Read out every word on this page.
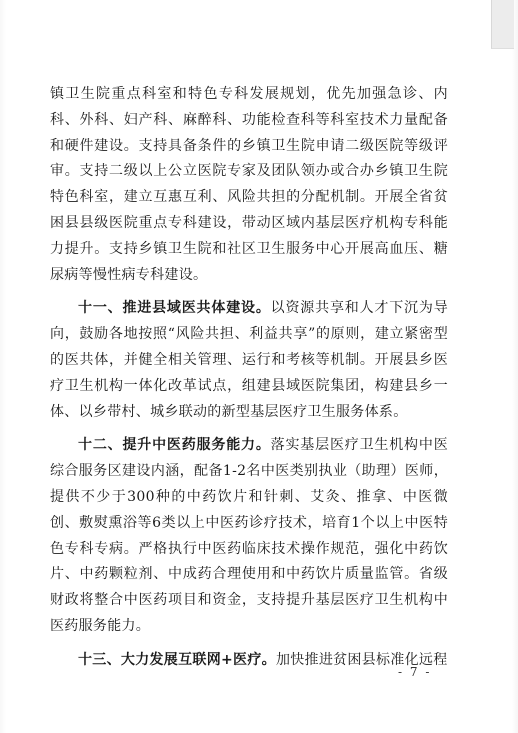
镇卫生院重点科室和特色专科发展规划，优先加强急诊、内科、外科、妇产科、麻醉科、功能检查科等科室技术力量配备和硬件建设。支持具备条件的乡镇卫生院申请二级医院等级评审。支持二级以上公立医院专家及团队领办或合办乡镇卫生院特色科室，建立互惠互利、风险共担的分配机制。开展全省贫困县县级医院重点专科建设，带动区域内基层医疗机构专科能力提升。支持乡镇卫生院和社区卫生服务中心开展高血压、糖尿病等慢性病专科建设。

十一、推进县域医共体建设。以资源共享和人才下沉为导向，鼓励各地按照“风险共担、利益共享”的原则，建立紧密型的医共体，并健全相关管理、运行和考核等机制。开展县乡医疗卫生机构一体化改革试点，组建县域医院集团，构建县乡一体、以乡带村、城乡联动的新型基层医疗卫生服务体系。

十二、提升中医药服务能力。落实基层医疗卫生机构中医综合服务区建设内涵，配备1-2名中医类别执业（助理）医师，提供不少于300种的中药饮片和针刺、艾灸、推拿、中医微创、敷熨熏浴等6类以上中医药诊疗技术，培育1个以上中医特色专科专病。严格执行中医药临床技术操作规范，强化中药饮片、中药颗粒剂、中成药合理使用和中药饮片质量监管。省级财政将整合中医药项目和资金，支持提升基层医疗卫生机构中医药服务能力。

十三、大力发展互联网+医疗。加快推进贫困县标准化远程

- 7 -
